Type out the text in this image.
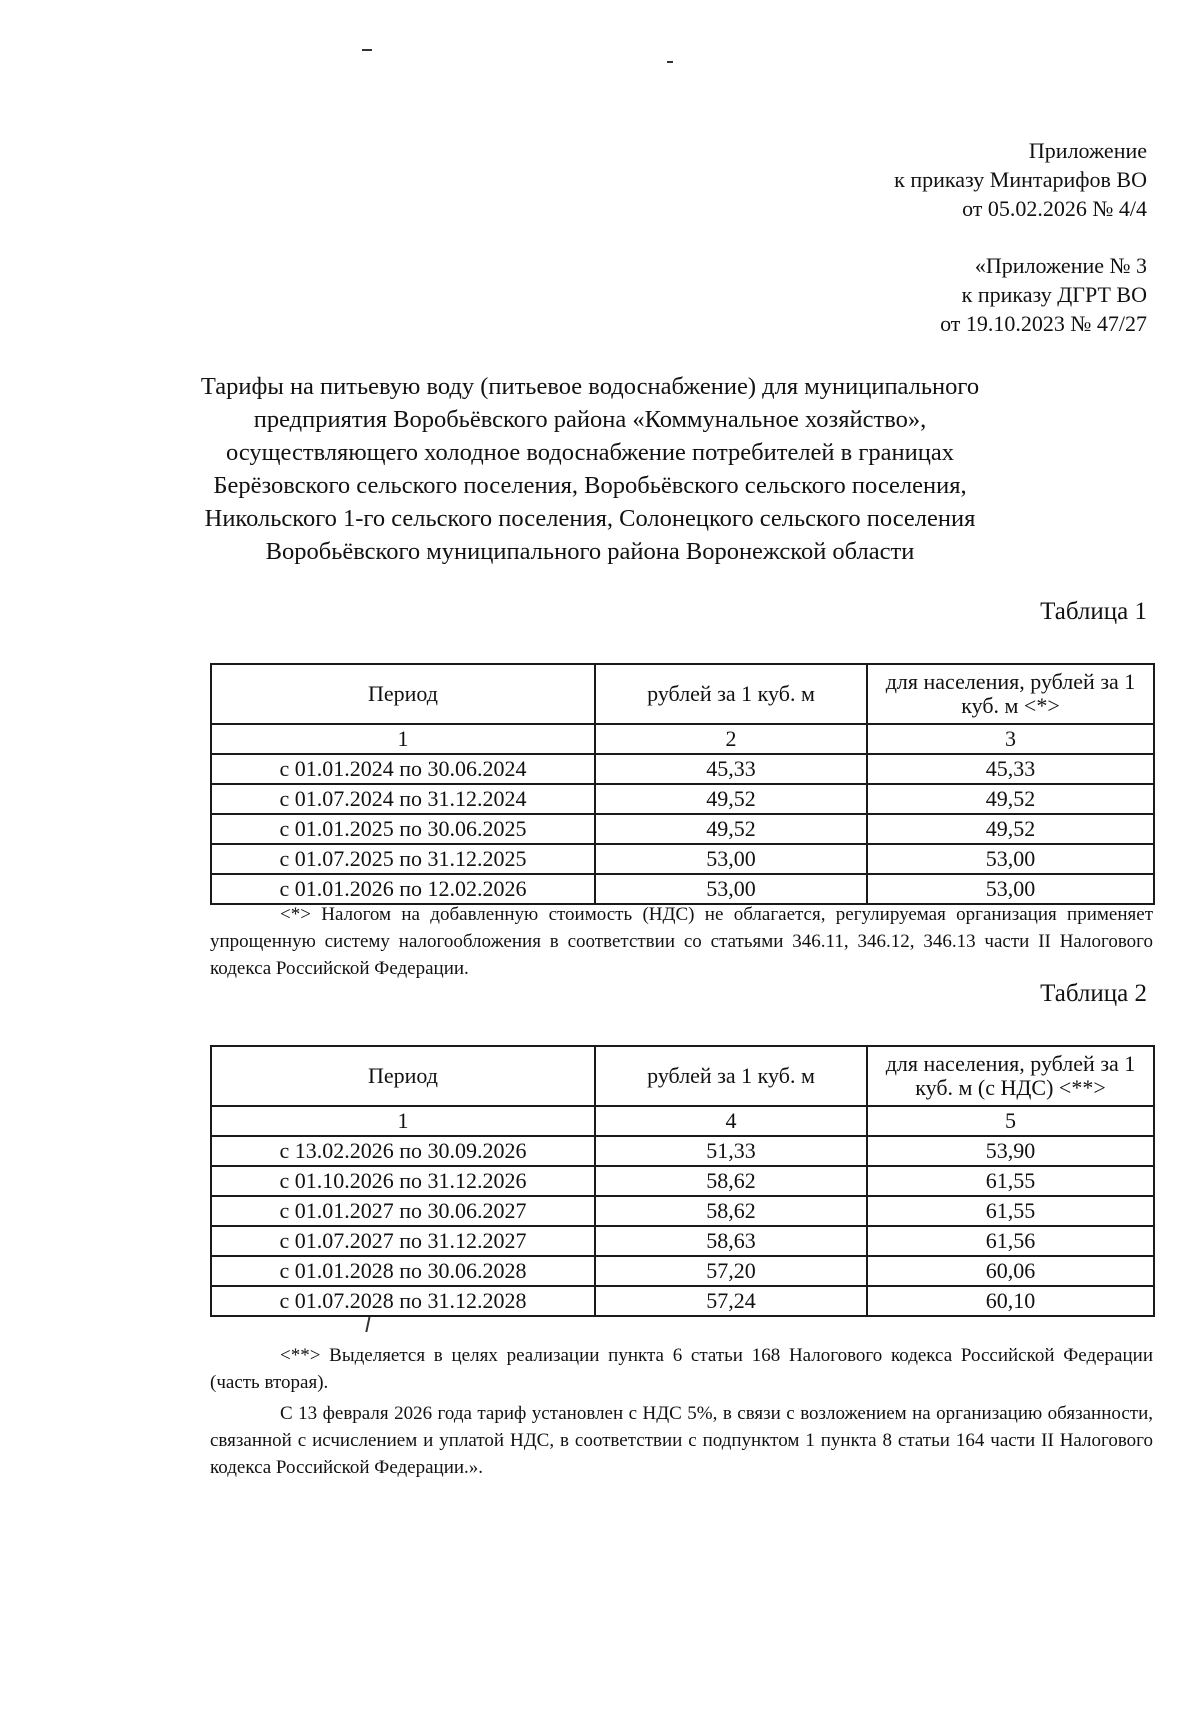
Приложение
к приказу Минтарифов ВО
от 05.02.2026 № 4/4
«Приложение № 3
к приказу ДГРТ ВО
от 19.10.2023 № 47/27
Тарифы на питьевую воду (питьевое водоснабжение) для муниципального
предприятия Воробьёвского района «Коммунальное хозяйство»,
осуществляющего холодное водоснабжение потребителей в границах
Берёзовского сельского поселения, Воробьёвского сельского поселения,
Никольского 1-го сельского поселения, Солонецкого сельского поселения
Воробьёвского муниципального района Воронежской области
Таблица 1
Период	рублей за 1 куб. м	для населения, рублей за 1 куб. м <*>
1	2	3
с 01.01.2024 по 30.06.2024	45,33	45,33
с 01.07.2024 по 31.12.2024	49,52	49,52
с 01.01.2025 по 30.06.2025	49,52	49,52
с 01.07.2025 по 31.12.2025	53,00	53,00
с 01.01.2026 по 12.02.2026	53,00	53,00

<*> Налогом на добавленную стоимость (НДС) не облагается, регулируемая организация применяет упрощенную систему налогообложения в соответствии со статьями 346.11, 346.12, 346.13 части II Налогового кодекса Российской Федерации.

Таблица 2
Период	рублей за 1 куб. м	для населения, рублей за 1 куб. м (с НДС) <**>
1	4	5
с 13.02.2026 по 30.09.2026	51,33	53,90
с 01.10.2026 по 31.12.2026	58,62	61,55
с 01.01.2027 по 30.06.2027	58,62	61,55
с 01.07.2027 по 31.12.2027	58,63	61,56
с 01.01.2028 по 30.06.2028	57,20	60,06
с 01.07.2028 по 31.12.2028	57,24	60,10

<**> Выделяется в целях реализации пункта 6 статьи 168 Налогового кодекса Российской Федерации (часть вторая).

С 13 февраля 2026 года тариф установлен с НДС 5%, в связи с возложением на организацию обязанности, связанной с исчислением и уплатой НДС, в соответствии с подпунктом 1 пункта 8 статьи 164 части II Налогового кодекса Российской Федерации.».
